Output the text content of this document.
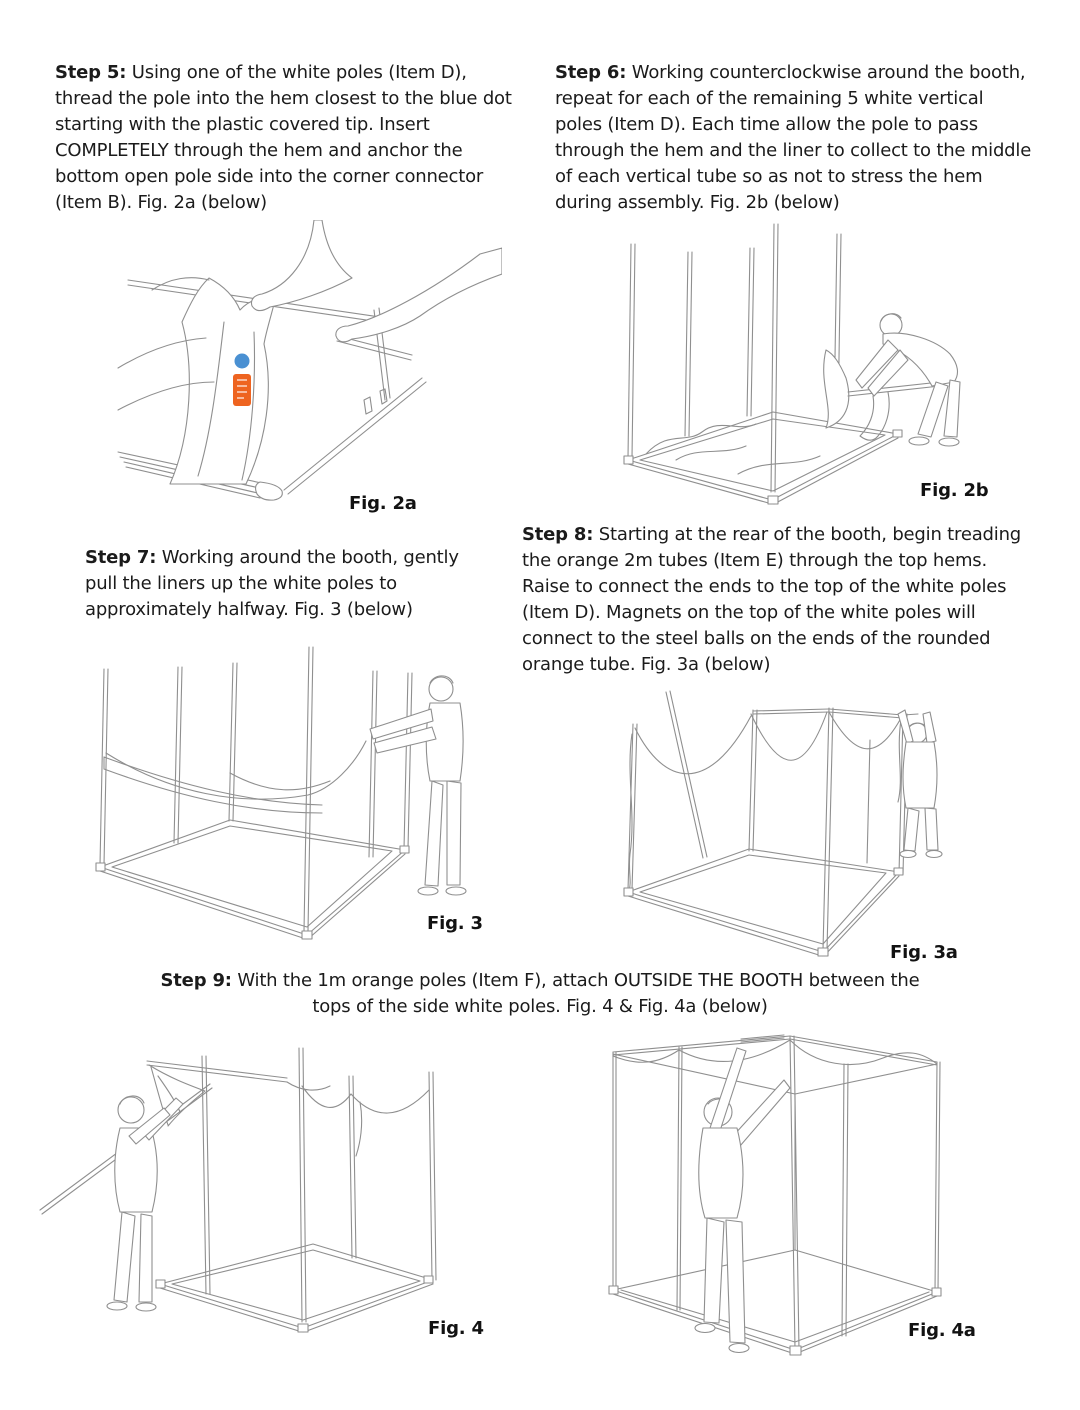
Step 5: Using one of the white poles (Item D), thread the pole into the hem closest to the blue dot starting with the plastic covered tip. Insert COMPLETELY through the hem and anchor the bottom open pole side into the corner connector (Item B). Fig. 2a (below)

Step 6: Working counterclockwise around the booth, repeat for each of the remaining 5 white vertical poles (Item D). Each time allow the pole to pass through the hem and the liner to collect to the middle of each vertical tube so as not to stress the hem during assembly. Fig. 2b (below)

Fig. 2a
Fig. 2b

Step 7: Working around the booth, gently pull the liners up the white poles to approximately halfway. Fig. 3 (below)

Step 8: Starting at the rear of the booth, begin treading the orange 2m tubes (Item E) through the top hems. Raise to connect the ends to the top of the white poles (Item D). Magnets on the top of the white poles will connect to the steel balls on the ends of the rounded orange tube. Fig. 3a (below)

Fig. 3
Fig. 3a

Step 9: With the 1m orange poles (Item F), attach OUTSIDE THE BOOTH between the tops of the side white poles. Fig. 4 & Fig. 4a (below)

Fig. 4	Fig. 4a
